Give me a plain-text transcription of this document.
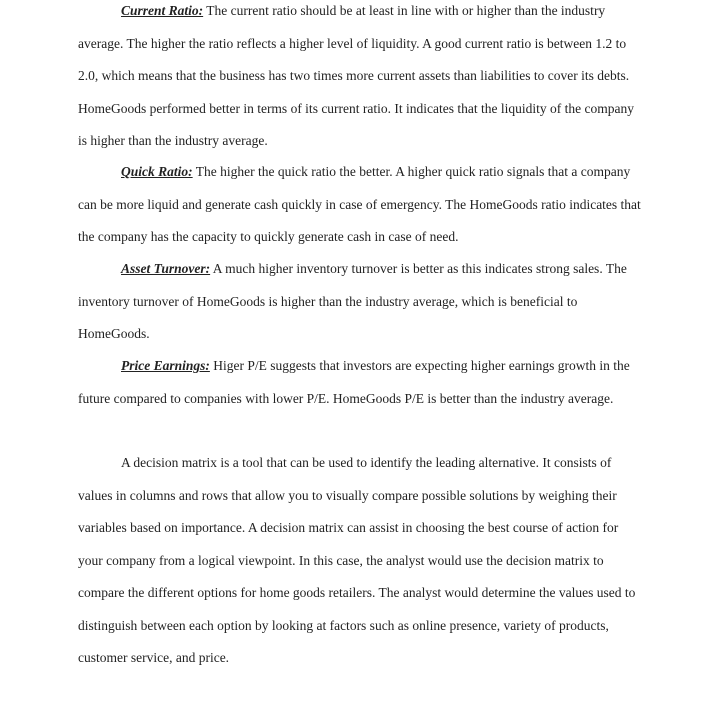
Current Ratio: The current ratio should be at least in line with or higher than the industry average. The higher the ratio reflects a higher level of liquidity. A good current ratio is between 1.2 to 2.0, which means that the business has two times more current assets than liabilities to cover its debts. HomeGoods performed better in terms of its current ratio. It indicates that the liquidity of the company is higher than the industry average.

Quick Ratio: The higher the quick ratio the better. A higher quick ratio signals that a company can be more liquid and generate cash quickly in case of emergency. The HomeGoods ratio indicates that the company has the capacity to quickly generate cash in case of need.

Asset Turnover: A much higher inventory turnover is better as this indicates strong sales. The inventory turnover of HomeGoods is higher than the industry average, which is beneficial to HomeGoods.

Price Earnings: Higer P/E suggests that investors are expecting higher earnings growth in the future compared to companies with lower P/E. HomeGoods P/E is better than the industry average.

A decision matrix is a tool that can be used to identify the leading alternative. It consists of values in columns and rows that allow you to visually compare possible solutions by weighing their variables based on importance. A decision matrix can assist in choosing the best course of action for your company from a logical viewpoint. In this case, the analyst would use the decision matrix to compare the different options for home goods retailers. The analyst would determine the values used to distinguish between each option by looking at factors such as online presence, variety of products, customer service, and price.
